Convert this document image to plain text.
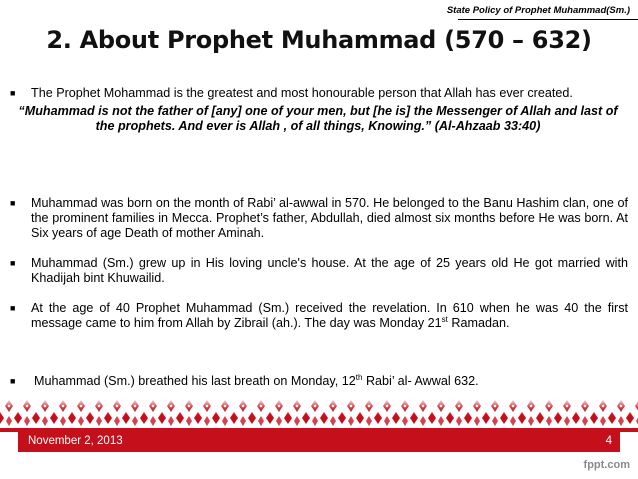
State Policy of Prophet Muhammad(Sm.)
2. About Prophet Muhammad (570 – 632)
■ The Prophet Mohammad is the greatest and most honourable person that Allah has ever created.
“Muhammad is not the father of [any] one of your men, but [he is] the Messenger of Allah and last of the prophets. And ever is Allah , of all things, Knowing.” (Al-Ahzaab 33:40)
■ Muhammad was born on the month of Rabi’ al-awwal in 570. He belonged to the Banu Hashim clan, one of the prominent families in Mecca. Prophet’s father, Abdullah, died almost six months before He was born. At Six years of age Death of mother Aminah.
■ Muhammad (Sm.) grew up in His loving uncle's house. At the age of 25 years old He got married with Khadijah bint Khuwailid.
■ At the age of 40 Prophet Muhammad (Sm.) received the revelation. In 610 when he was 40 the first message came to him from Allah by Zibrail (ah.). The day was Monday 21st Ramadan.
■ Muhammad (Sm.) breathed his last breath on Monday, 12th Rabi’ al- Awwal 632.
November 2, 2013	4
fppt.com
